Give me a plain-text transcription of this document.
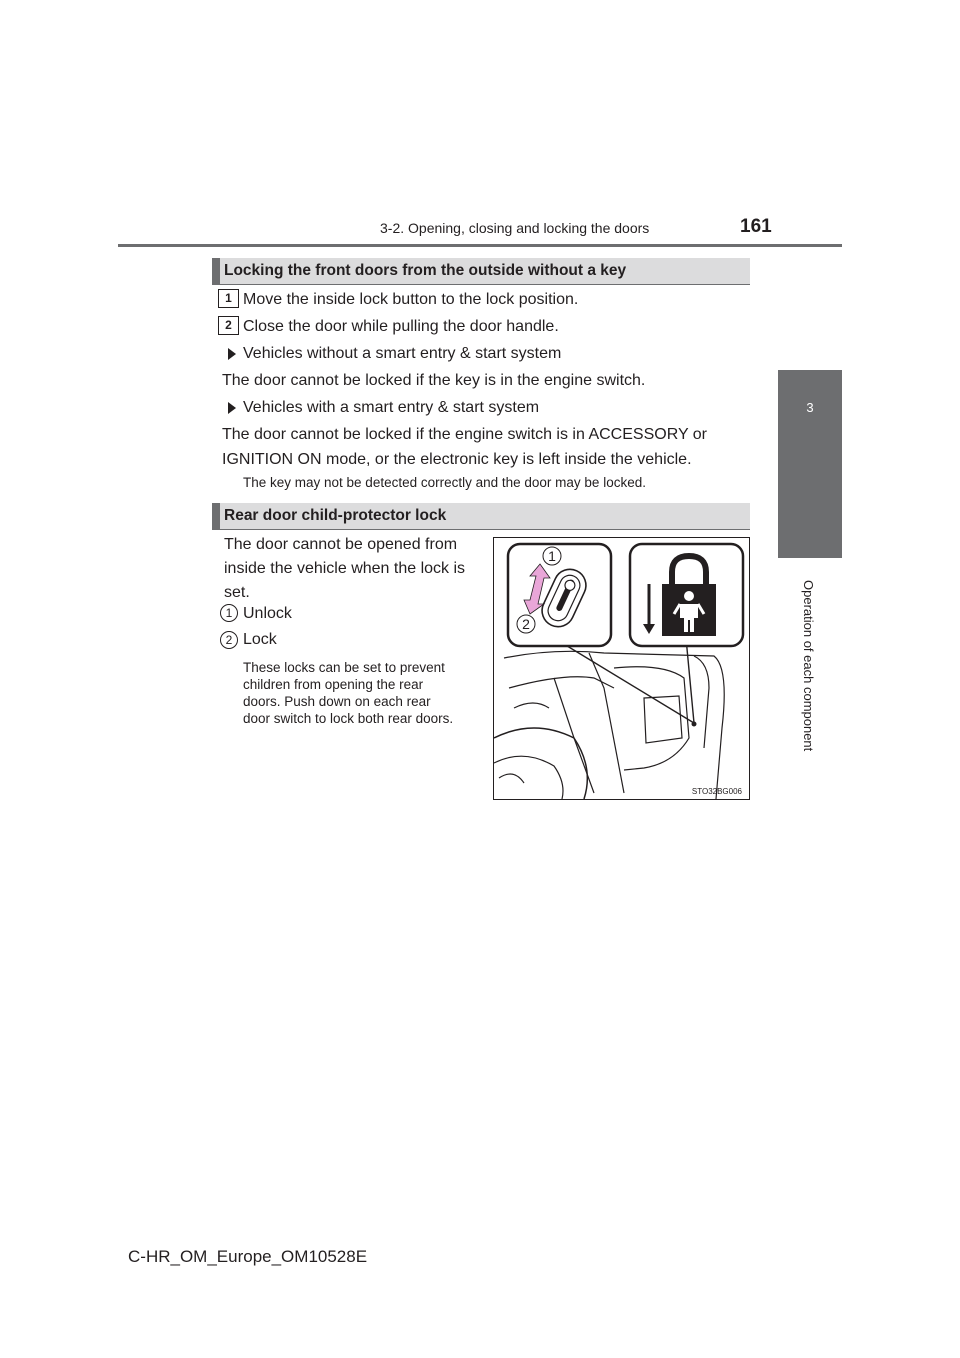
3-2. Opening, closing and locking the doors	161
3
Operation of each component
Locking the front doors from the outside without a key
1 Move the inside lock button to the lock position.
2 Close the door while pulling the door handle.
Vehicles without a smart entry & start system
The door cannot be locked if the key is in the engine switch.
Vehicles with a smart entry & start system
The door cannot be locked if the engine switch is in ACCESSORY or
IGNITION ON mode, or the electronic key is left inside the vehicle.
The key may not be detected correctly and the door may be locked.
Rear door child-protector lock
The door cannot be opened from
inside the vehicle when the lock is
set.
1 Unlock
2 Lock
These locks can be set to prevent
children from opening the rear
doors. Push down on each rear
door switch to lock both rear doors.
1
2
STO32BG006
C-HR_OM_Europe_OM10528E
